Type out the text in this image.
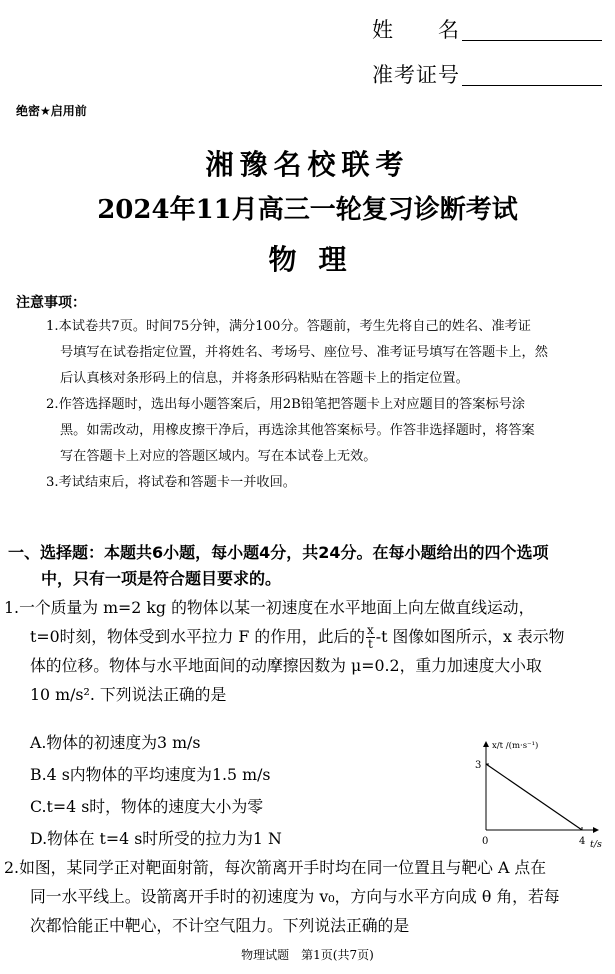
姓　　名
准考证号
绝密★启用前
湘豫名校联考
2024年11月高三一轮复习诊断考试
物理
注意事项：

1.本试卷共7页。时间75分钟，满分100分。答题前，考生先将自己的姓名、准考证

号填写在试卷指定位置，并将姓名、考场号、座位号、准考证号填写在答题卡上，然

后认真核对条形码上的信息，并将条形码粘贴在答题卡上的指定位置。

2.作答选择题时，选出每小题答案后，用2B铅笔把答题卡上对应题目的答案标号涂

黑。如需改动，用橡皮擦干净后，再选涂其他答案标号。作答非选择题时，将答案

写在答题卡上对应的答题区域内。写在本试卷上无效。

3.考试结束后，将试卷和答题卡一并收回。

一、选择题：本题共6小题，每小题4分，共24分。在每小题给出的四个选项
中，只有一项是符合题目要求的。

1.一个质量为 m=2 kg 的物体以某一初速度在水平地面上向左做直线运动，

t=0时刻，物体受到水平拉力 F 的作用，此后的 $\frac{x}{t} -t$ 图像如图所示，x 表示物

体的位移。物体与水平地面间的动摩擦因数为 μ=0.2，重力加速度大小取

10 m/s². 下列说法正确的是

A.物体的初速度为3 m/s

B.4 s内物体的平均速度为1.5 m/s

C.t=4 s时，物体的速度大小为零

D.物体在 t=4 s时所受的拉力为1 N

x/t /(m·s⁻¹)
t/s
0
3
4

2.如图，某同学正对靶面射箭，每次箭离开手时均在同一位置且与靶心 A 点在

同一水平线上。设箭离开手时的初速度为 v₀，方向与水平方向成 θ 角，若每

次都恰能正中靶心，不计空气阻力。下列说法正确的是

物理试题　第1页(共7页)
